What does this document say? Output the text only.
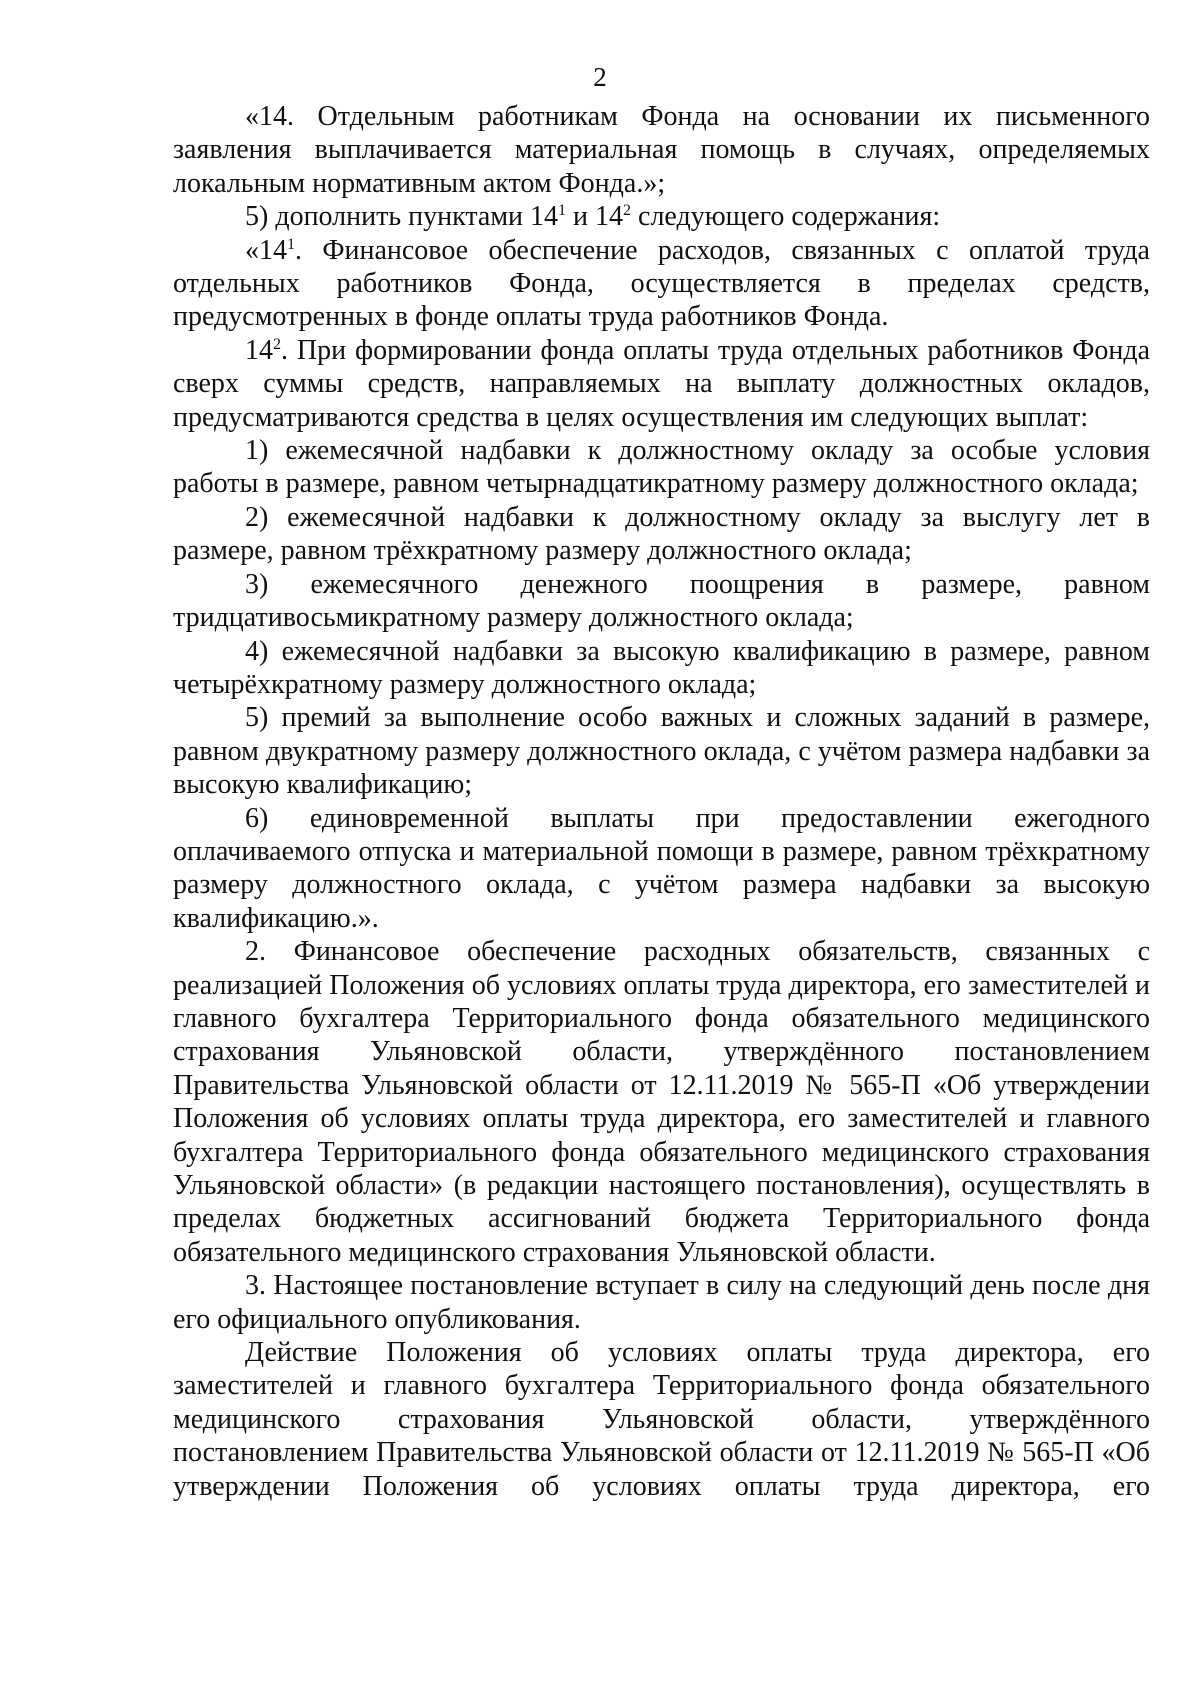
2

«14. Отдельным работникам Фонда на основании их письменного заявления выплачивается материальная помощь в случаях, определяемых локальным нормативным актом Фонда.»;

5) дополнить пунктами $14^1$ и $14^2$ следующего содержания:

«$14^1$. Финансовое обеспечение расходов, связанных с оплатой труда отдельных работников Фонда, осуществляется в пределах средств, предусмотренных в фонде оплаты труда работников Фонда.

$14^2$. При формировании фонда оплаты труда отдельных работников Фонда сверх суммы средств, направляемых на выплату должностных окладов, предусматриваются средства в целях осуществления им следующих выплат:

1) ежемесячной надбавки к должностному окладу за особые условия работы в размере, равном четырнадцатикратному размеру должностного оклада;

2) ежемесячной надбавки к должностному окладу за выслугу лет в размере, равном трёхкратному размеру должностного оклада;

3) ежемесячного денежного поощрения в размере, равном тридцативосьмикратному размеру должностного оклада;

4) ежемесячной надбавки за высокую квалификацию в размере, равном четырёхкратному размеру должностного оклада;

5) премий за выполнение особо важных и сложных заданий в размере, равном двукратному размеру должностного оклада, с учётом размера надбавки за высокую квалификацию;

6) единовременной выплаты при предоставлении ежегодного оплачиваемого отпуска и материальной помощи в размере, равном трёхкратному размеру должностного оклада, с учётом размера надбавки за высокую квалификацию.».

2. Финансовое обеспечение расходных обязательств, связанных с реализацией Положения об условиях оплаты труда директора, его заместителей и главного бухгалтера Территориального фонда обязательного медицинского страхования Ульяновской области, утверждённого постановлением Правительства Ульяновской области от 12.11.2019 № 565-П «Об утверждении Положения об условиях оплаты труда директора, его заместителей и главного бухгалтера Территориального фонда обязательного медицинского страхования Ульяновской области» (в редакции настоящего постановления), осуществлять в пределах бюджетных ассигнований бюджета Территориального фонда обязательного медицинского страхования Ульяновской области.

3. Настоящее постановление вступает в силу на следующий день после дня его официального опубликования.

Действие Положения об условиях оплаты труда директора, его заместителей и главного бухгалтера Территориального фонда обязательного медицинского страхования Ульяновской области, утверждённого постановлением Правительства Ульяновской области от 12.11.2019 № 565-П «Об утверждении Положения об условиях оплаты труда директора, его
